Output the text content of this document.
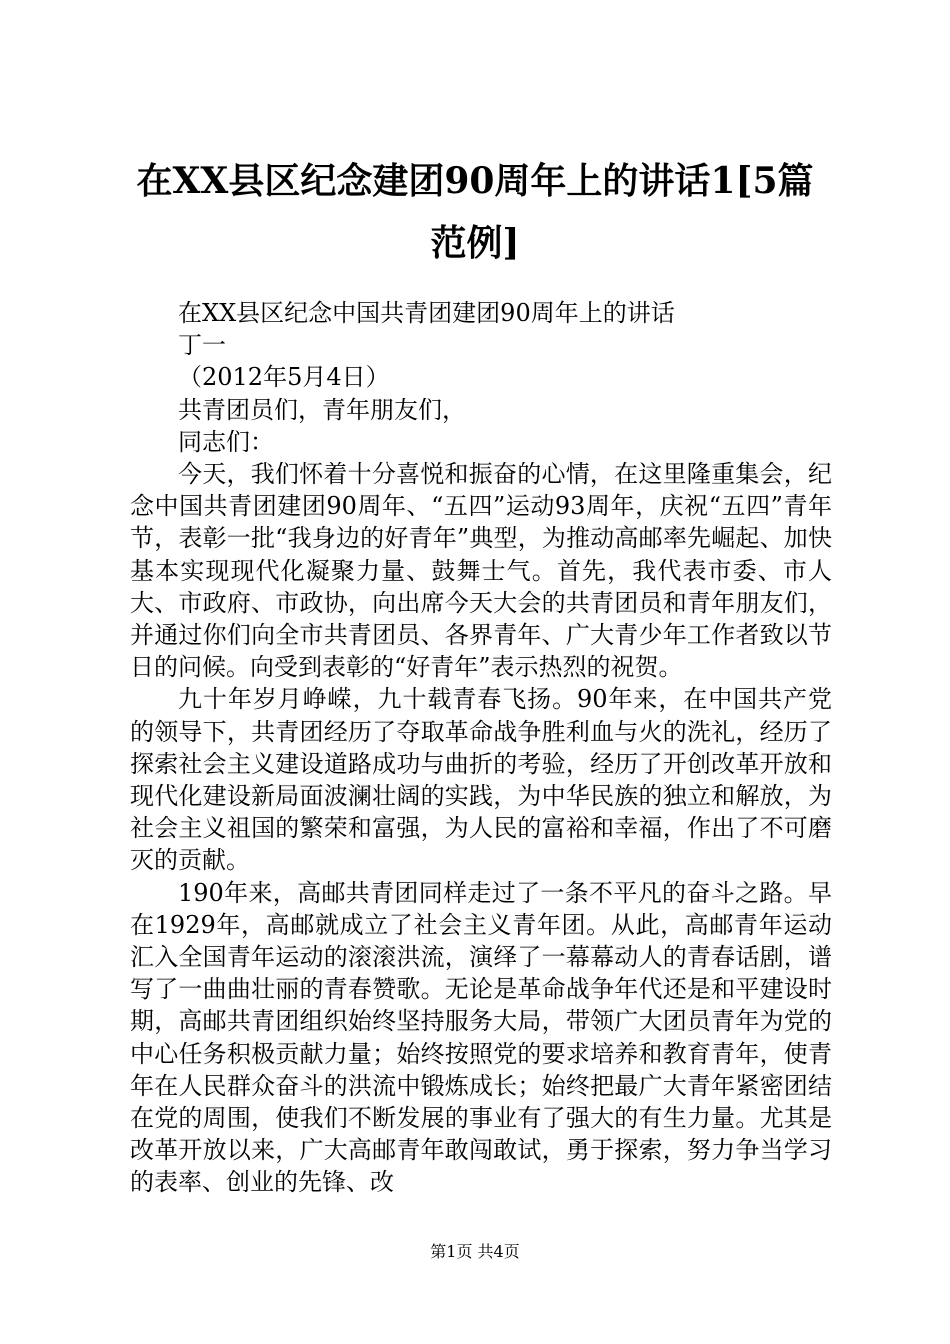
在XX县区纪念建团90周年上的讲话1[5篇范例]

在XX县区纪念中国共青团建团90周年上的讲话

丁一

（2012年5月4日）

共青团员们，青年朋友们，

同志们：

今天，我们怀着十分喜悦和振奋的心情，在这里隆重集会，纪念中国共青团建团90周年、“五四”运动93周年，庆祝“五四”青年节，表彰一批“我身边的好青年”典型，为推动高邮率先崛起、加快基本实现现代化凝聚力量、鼓舞士气。首先，我代表市委、市人大、市政府、市政协，向出席今天大会的共青团员和青年朋友们，并通过你们向全市共青团员、各界青年、广大青少年工作者致以节日的问候。向受到表彰的“好青年”表示热烈的祝贺。

九十年岁月峥嵘，九十载青春飞扬。90年来，在中国共产党的领导下，共青团经历了夺取革命战争胜利血与火的洗礼，经历了探索社会主义建设道路成功与曲折的考验，经历了开创改革开放和现代化建设新局面波澜壮阔的实践，为中华民族的独立和解放，为社会主义祖国的繁荣和富强，为人民的富裕和幸福，作出了不可磨灭的贡献。

190年来，高邮共青团同样走过了一条不平凡的奋斗之路。早在1929年，高邮就成立了社会主义青年团。从此，高邮青年运动汇入全国青年运动的滚滚洪流，演绎了一幕幕动人的青春话剧，谱写了一曲曲壮丽的青春赞歌。无论是革命战争年代还是和平建设时期，高邮共青团组织始终坚持服务大局，带领广大团员青年为党的中心任务积极贡献力量；始终按照党的要求培养和教育青年，使青年在人民群众奋斗的洪流中锻炼成长；始终把最广大青年紧密团结在党的周围，使我们不断发展的事业有了强大的有生力量。尤其是改革开放以来，广大高邮青年敢闯敢试，勇于探索，努力争当学习的表率、创业的先锋、改

第1页 共4页
